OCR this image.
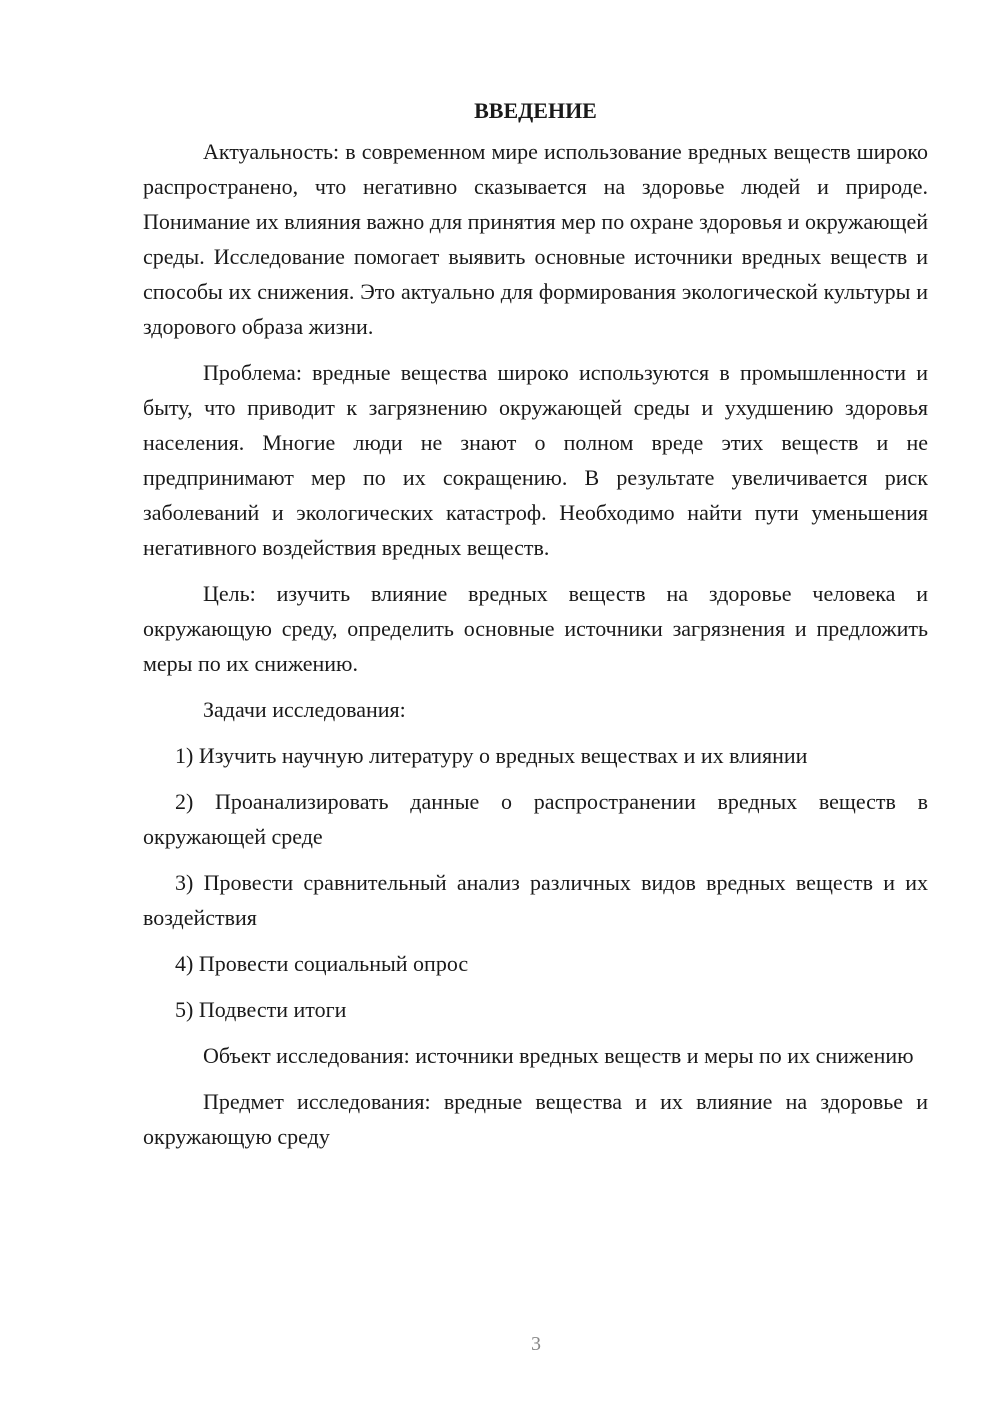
ВВЕДЕНИЕ

Актуальность: в современном мире использование вредных веществ широко распространено, что негативно сказывается на здоровье людей и природе. Понимание их влияния важно для принятия мер по охране здоровья и окружающей среды. Исследование помогает выявить основные источники вредных веществ и способы их снижения. Это актуально для формирования экологической культуры и здорового образа жизни.

Проблема: вредные вещества широко используются в промышленности и быту, что приводит к загрязнению окружающей среды и ухудшению здоровья населения. Многие люди не знают о полном вреде этих веществ и не предпринимают мер по их сокращению. В результате увеличивается риск заболеваний и экологических катастроф. Необходимо найти пути уменьшения негативного воздействия вредных веществ.

Цель: изучить влияние вредных веществ на здоровье человека и окружающую среду, определить основные источники загрязнения и предложить меры по их снижению.

Задачи исследования:

1) Изучить научную литературу о вредных веществах и их влиянии

2) Проанализировать данные о распространении вредных веществ в окружающей среде

3) Провести сравнительный анализ различных видов вредных веществ и их воздействия

4) Провести социальный опрос

5) Подвести итоги

Объект исследования: источники вредных веществ и меры по их снижению

Предмет исследования: вредные вещества и их влияние на здоровье и окружающую среду

3
